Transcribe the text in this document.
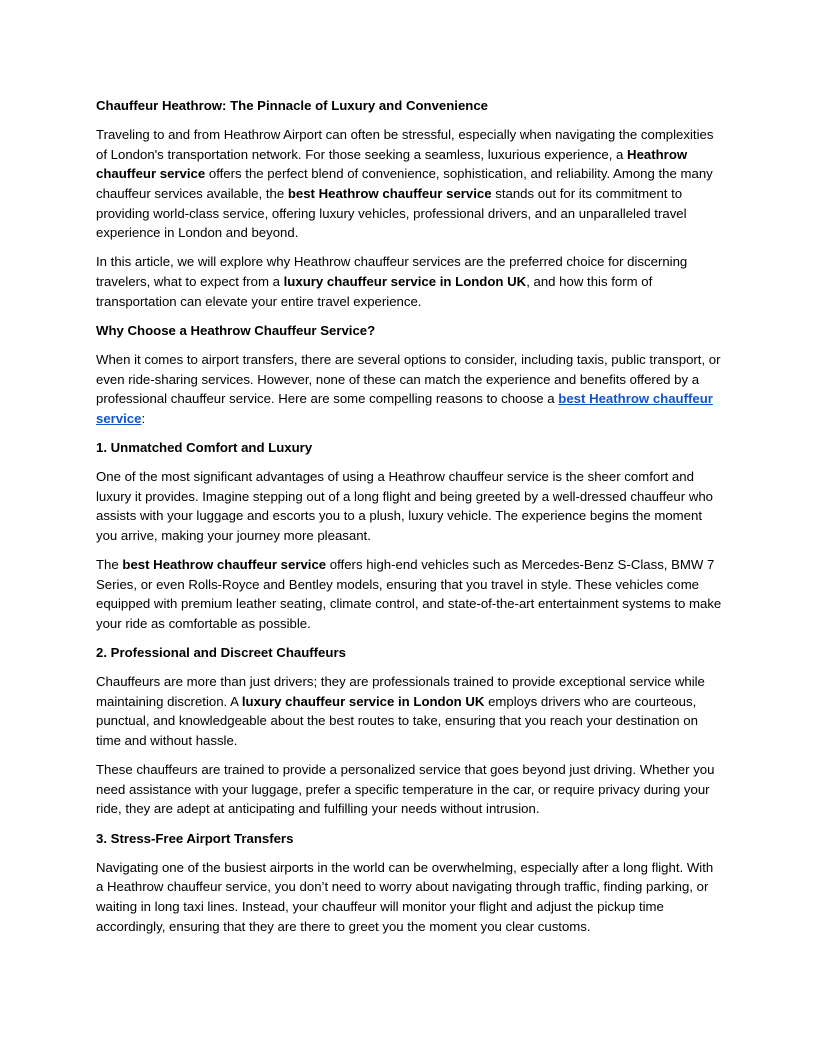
Chauffeur Heathrow: The Pinnacle of Luxury and Convenience

Traveling to and from Heathrow Airport can often be stressful, especially when navigating the complexities of London's transportation network. For those seeking a seamless, luxurious experience, a Heathrow chauffeur service offers the perfect blend of convenience, sophistication, and reliability. Among the many chauffeur services available, the best Heathrow chauffeur service stands out for its commitment to providing world-class service, offering luxury vehicles, professional drivers, and an unparalleled travel experience in London and beyond.

In this article, we will explore why Heathrow chauffeur services are the preferred choice for discerning travelers, what to expect from a luxury chauffeur service in London UK, and how this form of transportation can elevate your entire travel experience.

Why Choose a Heathrow Chauffeur Service?

When it comes to airport transfers, there are several options to consider, including taxis, public transport, or even ride-sharing services. However, none of these can match the experience and benefits offered by a professional chauffeur service. Here are some compelling reasons to choose a best Heathrow chauffeur service:

1. Unmatched Comfort and Luxury

One of the most significant advantages of using a Heathrow chauffeur service is the sheer comfort and luxury it provides. Imagine stepping out of a long flight and being greeted by a well-dressed chauffeur who assists with your luggage and escorts you to a plush, luxury vehicle. The experience begins the moment you arrive, making your journey more pleasant.

The best Heathrow chauffeur service offers high-end vehicles such as Mercedes-Benz S-Class, BMW 7 Series, or even Rolls-Royce and Bentley models, ensuring that you travel in style. These vehicles come equipped with premium leather seating, climate control, and state-of-the-art entertainment systems to make your ride as comfortable as possible.

2. Professional and Discreet Chauffeurs

Chauffeurs are more than just drivers; they are professionals trained to provide exceptional service while maintaining discretion. A luxury chauffeur service in London UK employs drivers who are courteous, punctual, and knowledgeable about the best routes to take, ensuring that you reach your destination on time and without hassle.

These chauffeurs are trained to provide a personalized service that goes beyond just driving. Whether you need assistance with your luggage, prefer a specific temperature in the car, or require privacy during your ride, they are adept at anticipating and fulfilling your needs without intrusion.

3. Stress-Free Airport Transfers

Navigating one of the busiest airports in the world can be overwhelming, especially after a long flight. With a Heathrow chauffeur service, you don’t need to worry about navigating through traffic, finding parking, or waiting in long taxi lines. Instead, your chauffeur will monitor your flight and adjust the pickup time accordingly, ensuring that they are there to greet you the moment you clear customs.
